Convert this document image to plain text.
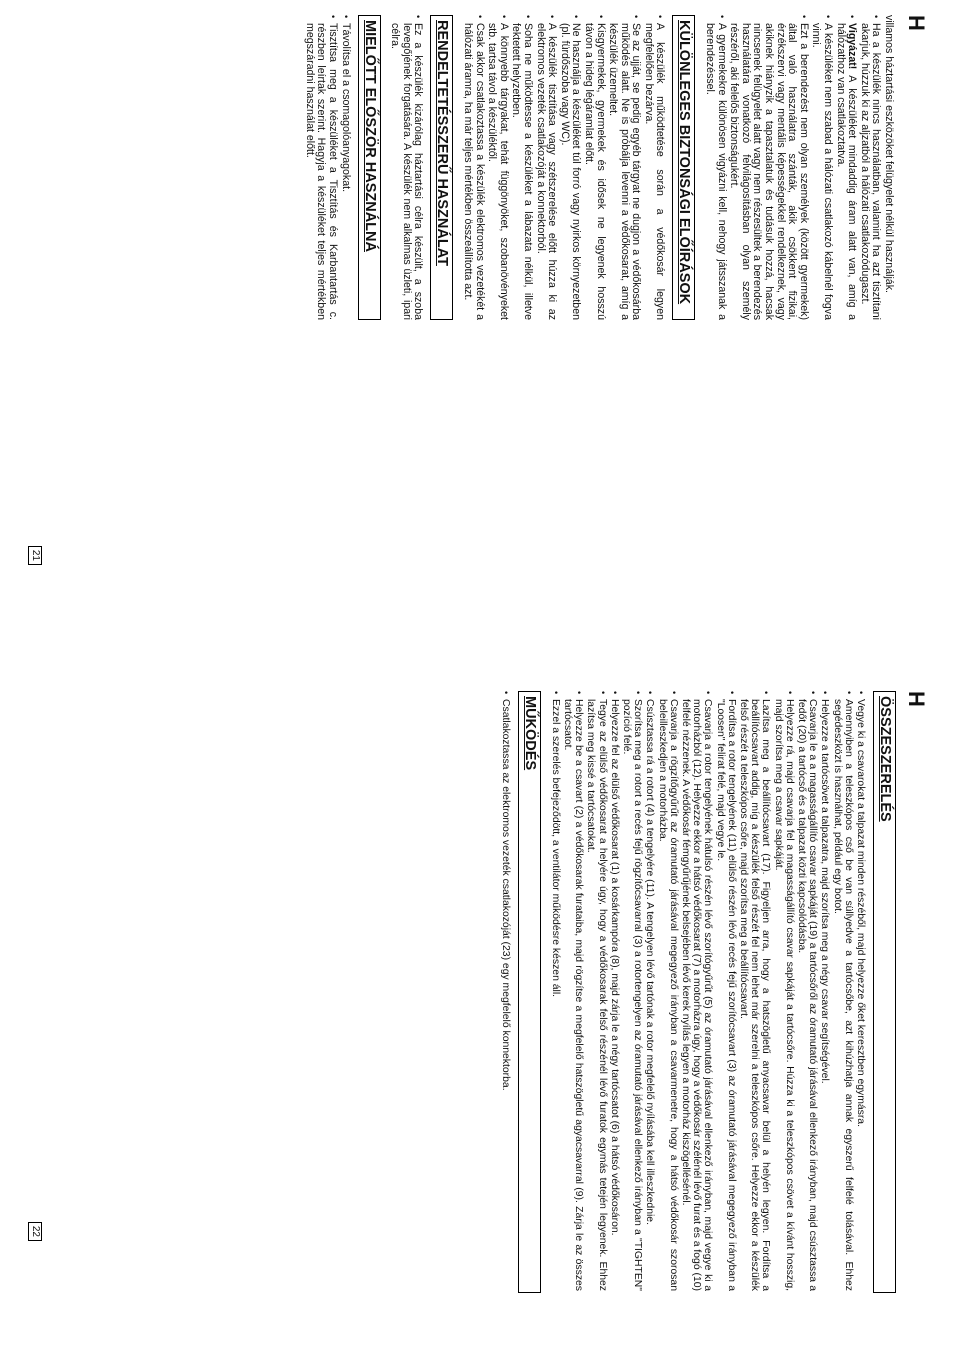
H
villamos háztartási eszközöket felügyelet nélkül használják.
• Ha a készülék nincs használatban, valamint ha azt tisztítani akarjuk, húzzuk ki az aljzatból a hálózati csatlakozódugaszt.
• Vigyázat! A készüléket mindaddig áram alatt van, amíg a hálózathoz van csatlakoztatva.
• A készüléket nem szabad a hálózati csatlakozó kábelnél fogva vinni.
• Ezt a berendezést nem olyan személyek (között gyermekek) által való használatra szánták, akik csökkent fizikai, érzékszervi vagy mentális képességekkel rendelkeznek, vagy akiknek hiányzik a tapasztalatuk és tudásuk hozzá, hacsak nincsenek felügyelet alatt vagy nem részesültek a berendezés használatára vonatkozó felvilágosításban olyan személy részéről, aki felelős biztonságukért.
• A gyermekekre különösen vigyázni kell, nehogy játsszanak a berendezéssel.
KÜLÖNLEGES BIZTONSÁGI ELŐÍRÁSOK
• A készülék működtetése során a védőkosár legyen megfelelően bezárva.
• Se az ujját, se pedig egyéb tárgyat ne dugjon a védőkosárba működés alatt. Ne is próbálja levenni a védőkosarat, amíg a készülék üzemeltet.
• Kisgyermekek, gyermekek és idősek ne legyenek hosszú távon a hideg légáramlat előtt.
• Ne használja a készüléket túl forró vagy nyirkos környezetben (pl. fürdőszoba vagy WC).
• A készülék tisztítása vagy szétszerelése előtt húzza ki az elektromos vezeték csatlakozóját a konnektorból.
• Soha ne működtesse a készüléket a lábazata nélkül, illetve fektetett helyzetben.
• A könnyebb tárgyakat, tehát függönyöket, szobanövényeket stb. tartsa távol a készüléktől.
• Csak akkor csatlakoztassa a készülék elektromos vezetékét a hálózati áramra, ha már teljes mértékben összeállította azt.
RENDELTETÉSSZERŰ HASZNÁLAT
• Ez a készülék kizárólag háztartási célra készült, a szoba levegőjének forgatására. A készülék nem alkalmas üzleti, ipari célra.
MIELŐTT ELŐSZÖR HASZNÁLNÁ
• Távolítsa el a csomagolóanyagokat.
• Tisztítsa meg a készüléket a Tisztítás és Karbantartás c. részben leírtak szerint. Hagyja a készüléket teljes mértékben megszáradni használat előtt.
21
H
ÖSSZESZERELÉS
• Vegye ki a csavarokat a talpazat minden részéből, majd helyezze őket keresztben egymásra.
• Amennyiben a teleszkópos cső be van süllyedve a tartócsőbe, azt kihúzhatja annak egyszerű felfelé tolásával. Ehhez segédeszközt is használhat, például egy botot.
• Helyezze a tartócsövet a talpazatra, majd szorítsa meg a négy csavar segítségével.
• Csavarja le a a magasságállító csavar sapkáját (19) a tartócsőről az óramutató járásával ellenkező irányban, majd csúsztassa a fedőt (20) a tartócső és a talpazat közti kapcsolódásba.
• Helyezze rá, majd csavarja fel a magasságállító csavar sapkáját a tartócsőre. Húzza ki a teleszkópos csövet a kívánt hosszig, majd szorítsa meg a csavar sapkáját.
• Lazítsa meg a beállítócsavart (17). Figyeljen arra, hogy a hatszögletű anyacsavar belül a helyén legyen. Fordítsa a beállítócsavart addig, míg a készülék felső részét fel nem lehet már szerelni a teleszkópos csőre. Helyezze ekkor a készülék felső részét a teleszkópos csőre, majd szorítsa meg a beállítócsavart.
• Fordítsa a rotor tengelyének (11) elülső részén lévő recés fejű szorítócsavart (3) az óramutató járásával megegyező irányban a "Loosen" felirat felé, majd vegye le.
• Csavarja a rotor tengelyének hátulsó részén lévő szorítógyűrűt (5) az óramutató járásával ellenkező irányban, majd vegye ki a motorházból (12). Helyezze ekkor a hátsó védőkosarat (7) a motorházra úgy, hogy a védőkosár szélénél lévő furat és a fogó (10) felfelé nézzenek. A védőkosár fémgyűrűjének belsejében lévő kerek nyílás legyen a motorház kiszögellésénél.
• Csavarja a rögzítőgyűrűt az óramutató járásával megegyező irányban a csavarmenetre, hogy a hátsó védőkosár szorosan beleilleszkedjen a motorházba.
• Csúsztassa rá a rotort (4) a tengelyére (11). A tengelyen lévő tartónak a rotor megfelelő nyílásába kell illeszkednie.
• Szorítsa meg a rotort a recés fejű rögzítőcsavarral (3) a rotortengelyen az óramutató járásával ellenkező irányban a "TIGHTEN" pozíció felé.
• Helyezze fel az elülső védőkosarat (1) a kosárkampóra (8), majd zárja le a négy tartócsatot (6) a hátsó védőkosáron.
• Tegye az elülső védőkosarat a helyére úgy, hogy a védőkosarak felső részénél lévő furatok egymás tetején legyenek. Ehhez lazítsa meg kissé a tartócsatokat.
• Helyezze be a csavart (2) a védőkosarak furataiba, majd rögzítse a megfelelő hatszögletű agyacsavarral (9). Zárja le az összes tartócsatot.
• Ezzel a szerelés befejeződött, a ventilátor működésre készen áll.
MŰKÖDÉS
• Csatlakoztassa az elektromos vezeték csatlakozóját (23) egy megfelelő konnektorba.
22
